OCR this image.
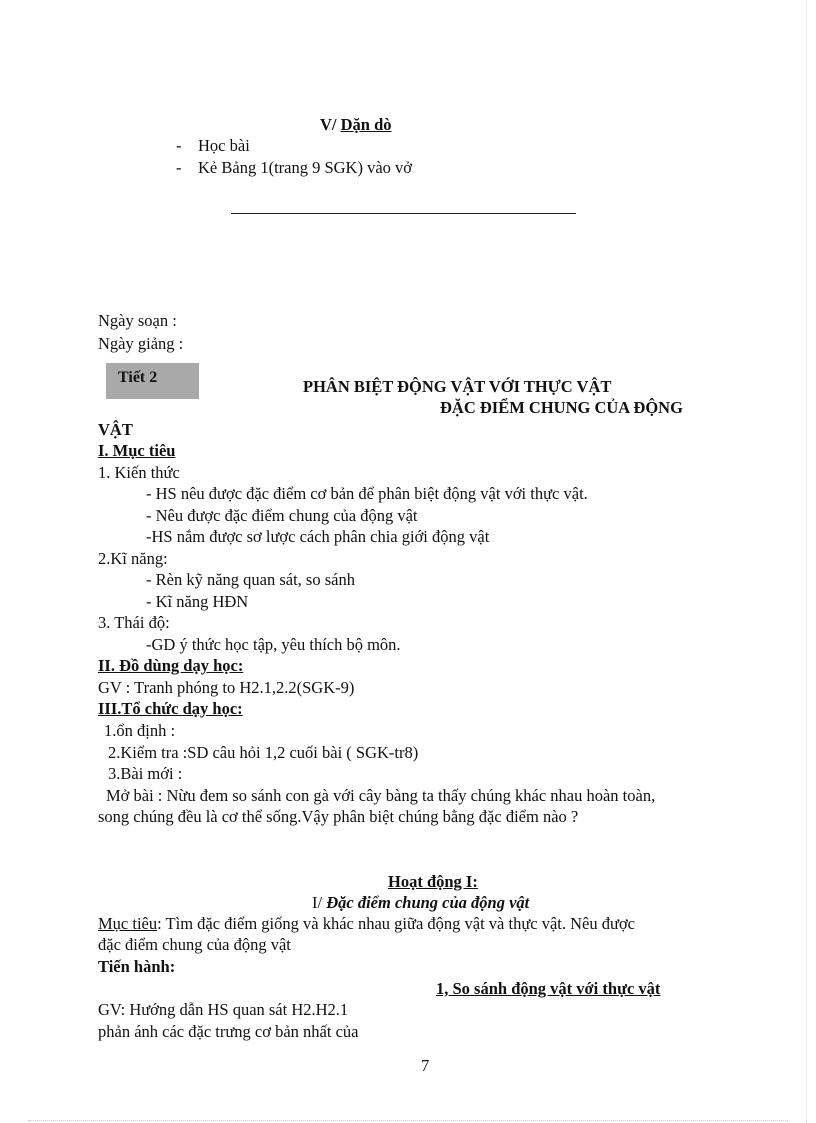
V/ Dặn dò
- Học bài
- Kẻ Bảng 1(trang 9 SGK) vào vở
Ngày soạn :
Ngày giảng :
Tiết 2	PHÂN BIỆT ĐỘNG VẬT VỚI THỰC VẬT
ĐẶC ĐIỂM CHUNG CỦA ĐỘNG
VẬT
I. Mục tiêu
1. Kiến thức
- HS nêu được đặc điểm cơ bản để phân biệt động vật với thực vật.
- Nêu được đặc điểm chung của động vật
-HS nắm được sơ lược cách phân chia giới động vật
2.Kĩ năng:
- Rèn kỹ năng quan sát, so sánh
- Kĩ năng HĐN
3. Thái độ:
-GD ý thức học tập, yêu thích bộ môn.
II. Đồ dùng dạy học:
GV : Tranh phóng to H2.1,2.2(SGK-9)
III.Tổ chức dạy học:
1.ổn định :
2.Kiểm tra :SD câu hỏi 1,2 cuối bài ( SGK-tr8)
3.Bài mới :
Mở bài : Nừu đem so sánh con gà với cây bàng ta thấy chúng khác nhau hoàn toàn,
song chúng đều là cơ thể sống.Vậy phân biệt chúng bằng đặc điểm nào ?
Hoạt động I:
I/ Đặc điểm chung của động vật
Mục tiêu: Tìm đặc điểm giống và khác nhau giữa động vật và thực vật. Nêu được
đặc điểm chung của động vật
Tiến hành:
1, So sánh động vật với thực vật
GV: Hướng dẫn HS quan sát H2.H2.1
phản ánh các đặc trưng cơ bản nhất của
7
